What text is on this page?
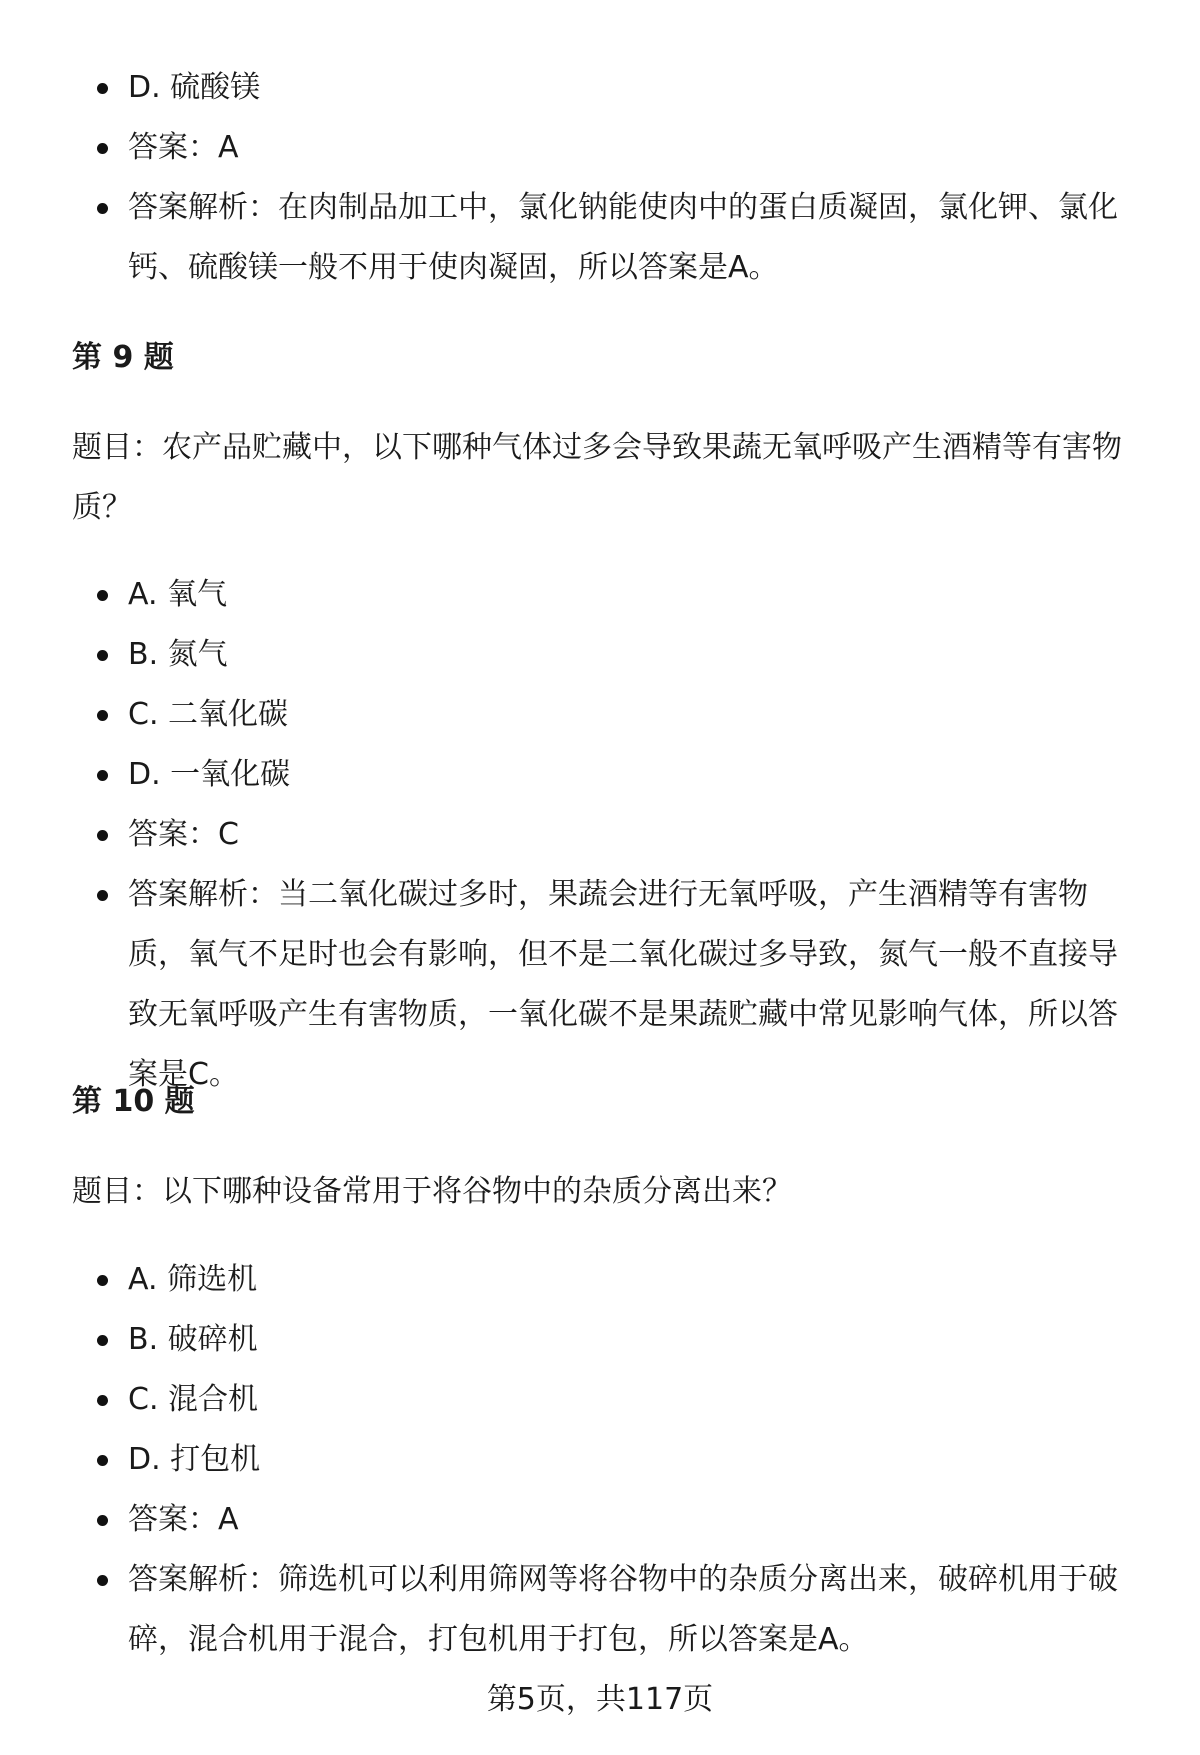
D. 硫酸镁
答案：A
答案解析：在肉制品加工中，氯化钠能使肉中的蛋白质凝固，氯化钾、氯化钙、硫酸镁一般不用于使肉凝固，所以答案是A。
第 9 题
题目：农产品贮藏中，以下哪种气体过多会导致果蔬无氧呼吸产生酒精等有害物质？
A. 氧气
B. 氮气
C. 二氧化碳
D. 一氧化碳
答案：C
答案解析：当二氧化碳过多时，果蔬会进行无氧呼吸，产生酒精等有害物质，氧气不足时也会有影响，但不是二氧化碳过多导致，氮气一般不直接导致无氧呼吸产生有害物质，一氧化碳不是果蔬贮藏中常见影响气体，所以答案是C。
第 10 题
题目：以下哪种设备常用于将谷物中的杂质分离出来？
A. 筛选机
B. 破碎机
C. 混合机
D. 打包机
答案：A
答案解析：筛选机可以利用筛网等将谷物中的杂质分离出来，破碎机用于破碎，混合机用于混合，打包机用于打包，所以答案是A。
第5页，共117页
